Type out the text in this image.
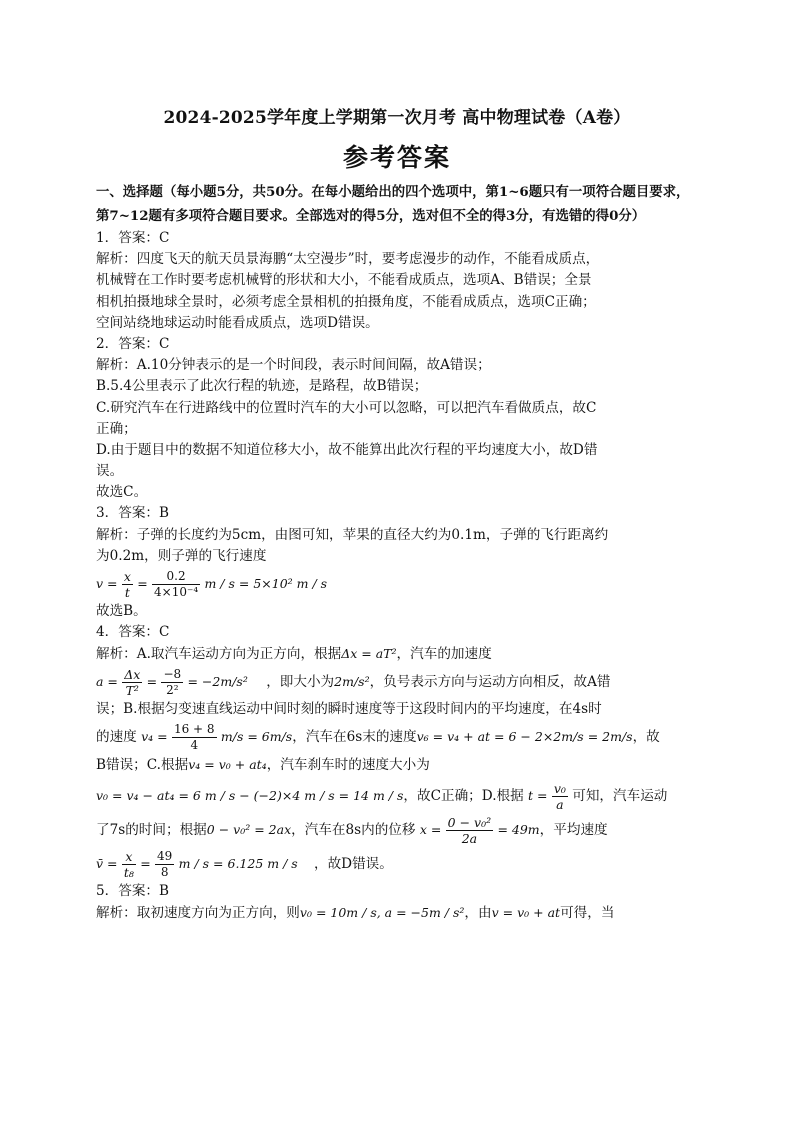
2024-2025学年度上学期第一次月考 高中物理试卷（A卷）
参考答案
一、选择题（每小题5分，共50分。在每小题给出的四个选项中，第1~6题只有一项符合题目要求，第7~12题有多项符合题目要求。全部选对的得5分，选对但不全的得3分，有选错的得0分）
1．答案：C
解析：四度飞天的航天员景海鹏“太空漫步”时，要考虑漫步的动作，不能看成质点，
机械臂在工作时要考虑机械臂的形状和大小，不能看成质点，选项A、B错误；全景
相机拍摄地球全景时，必须考虑全景相机的拍摄角度，不能看成质点，选项C正确；
空间站绕地球运动时能看成质点，选项D错误。
2．答案：C
解析：A.10分钟表示的是一个时间段，表示时间间隔，故A错误；
B.5.4公里表示了此次行程的轨迹，是路程，故B错误；
C.研究汽车在行进路线中的位置时汽车的大小可以忽略，可以把汽车看做质点，故C
正确；
D.由于题目中的数据不知道位移大小，故不能算出此次行程的平均速度大小，故D错
误。
故选C。
3．答案：B
解析：子弹的长度约为5cm，由图可知，苹果的直径大约为0.1m，子弹的飞行距离约
为0.2m，则子弹的飞行速度
$v = \frac{x}{t} = \frac{0.2}{\text{4×10⁻⁴}}$ m / s = 5×10² m / s
故选B。
4．答案：C
解析：A.取汽车运动方向为正方向，根据Δx = aT²，汽车的加速度
$a = \frac{\Delta x}{\text{T²}} = \frac{-8}{\text{2²}} = -2m/s^2$ ，即大小为2m/s²，负号表示方向与运动方向相反，故A错
误；B.根据匀变速直线运动中间时刻的瞬时速度等于这段时间内的平均速度，在4s时
的速度 $v_4 = \frac{16 + 8}{4} m/s = 6m/s$，汽车在6s末的速度v₆ = v₄ + at = 6 − 2×2m/s = 2m/s，故
B错误；C.根据v₄ = v₀ + at₄，汽车刹车时的速度大小为
v₀ = v₄ − at₄ = 6 m / s − (−2)×4 m / s = 14 m / s，故C正确；D.根据 $t = \frac{\text{v₀}}{a}$ 可知，汽车运动
了7s的时间；根据0 − v₀² = 2ax，汽车在8s内的位移 $x = \frac{\text{0 − v₀²}}{2a} = 49m$，平均速度
v̄ = $\frac{x}{\text{t₈}} = \frac{49}{8}$ m / s = 6.125 m / s ，故D错误。
5．答案：B
解析：取初速度方向为正方向，则v₀ = 10m / s, a = −5m / s²，由v = v₀ + at可得，当
